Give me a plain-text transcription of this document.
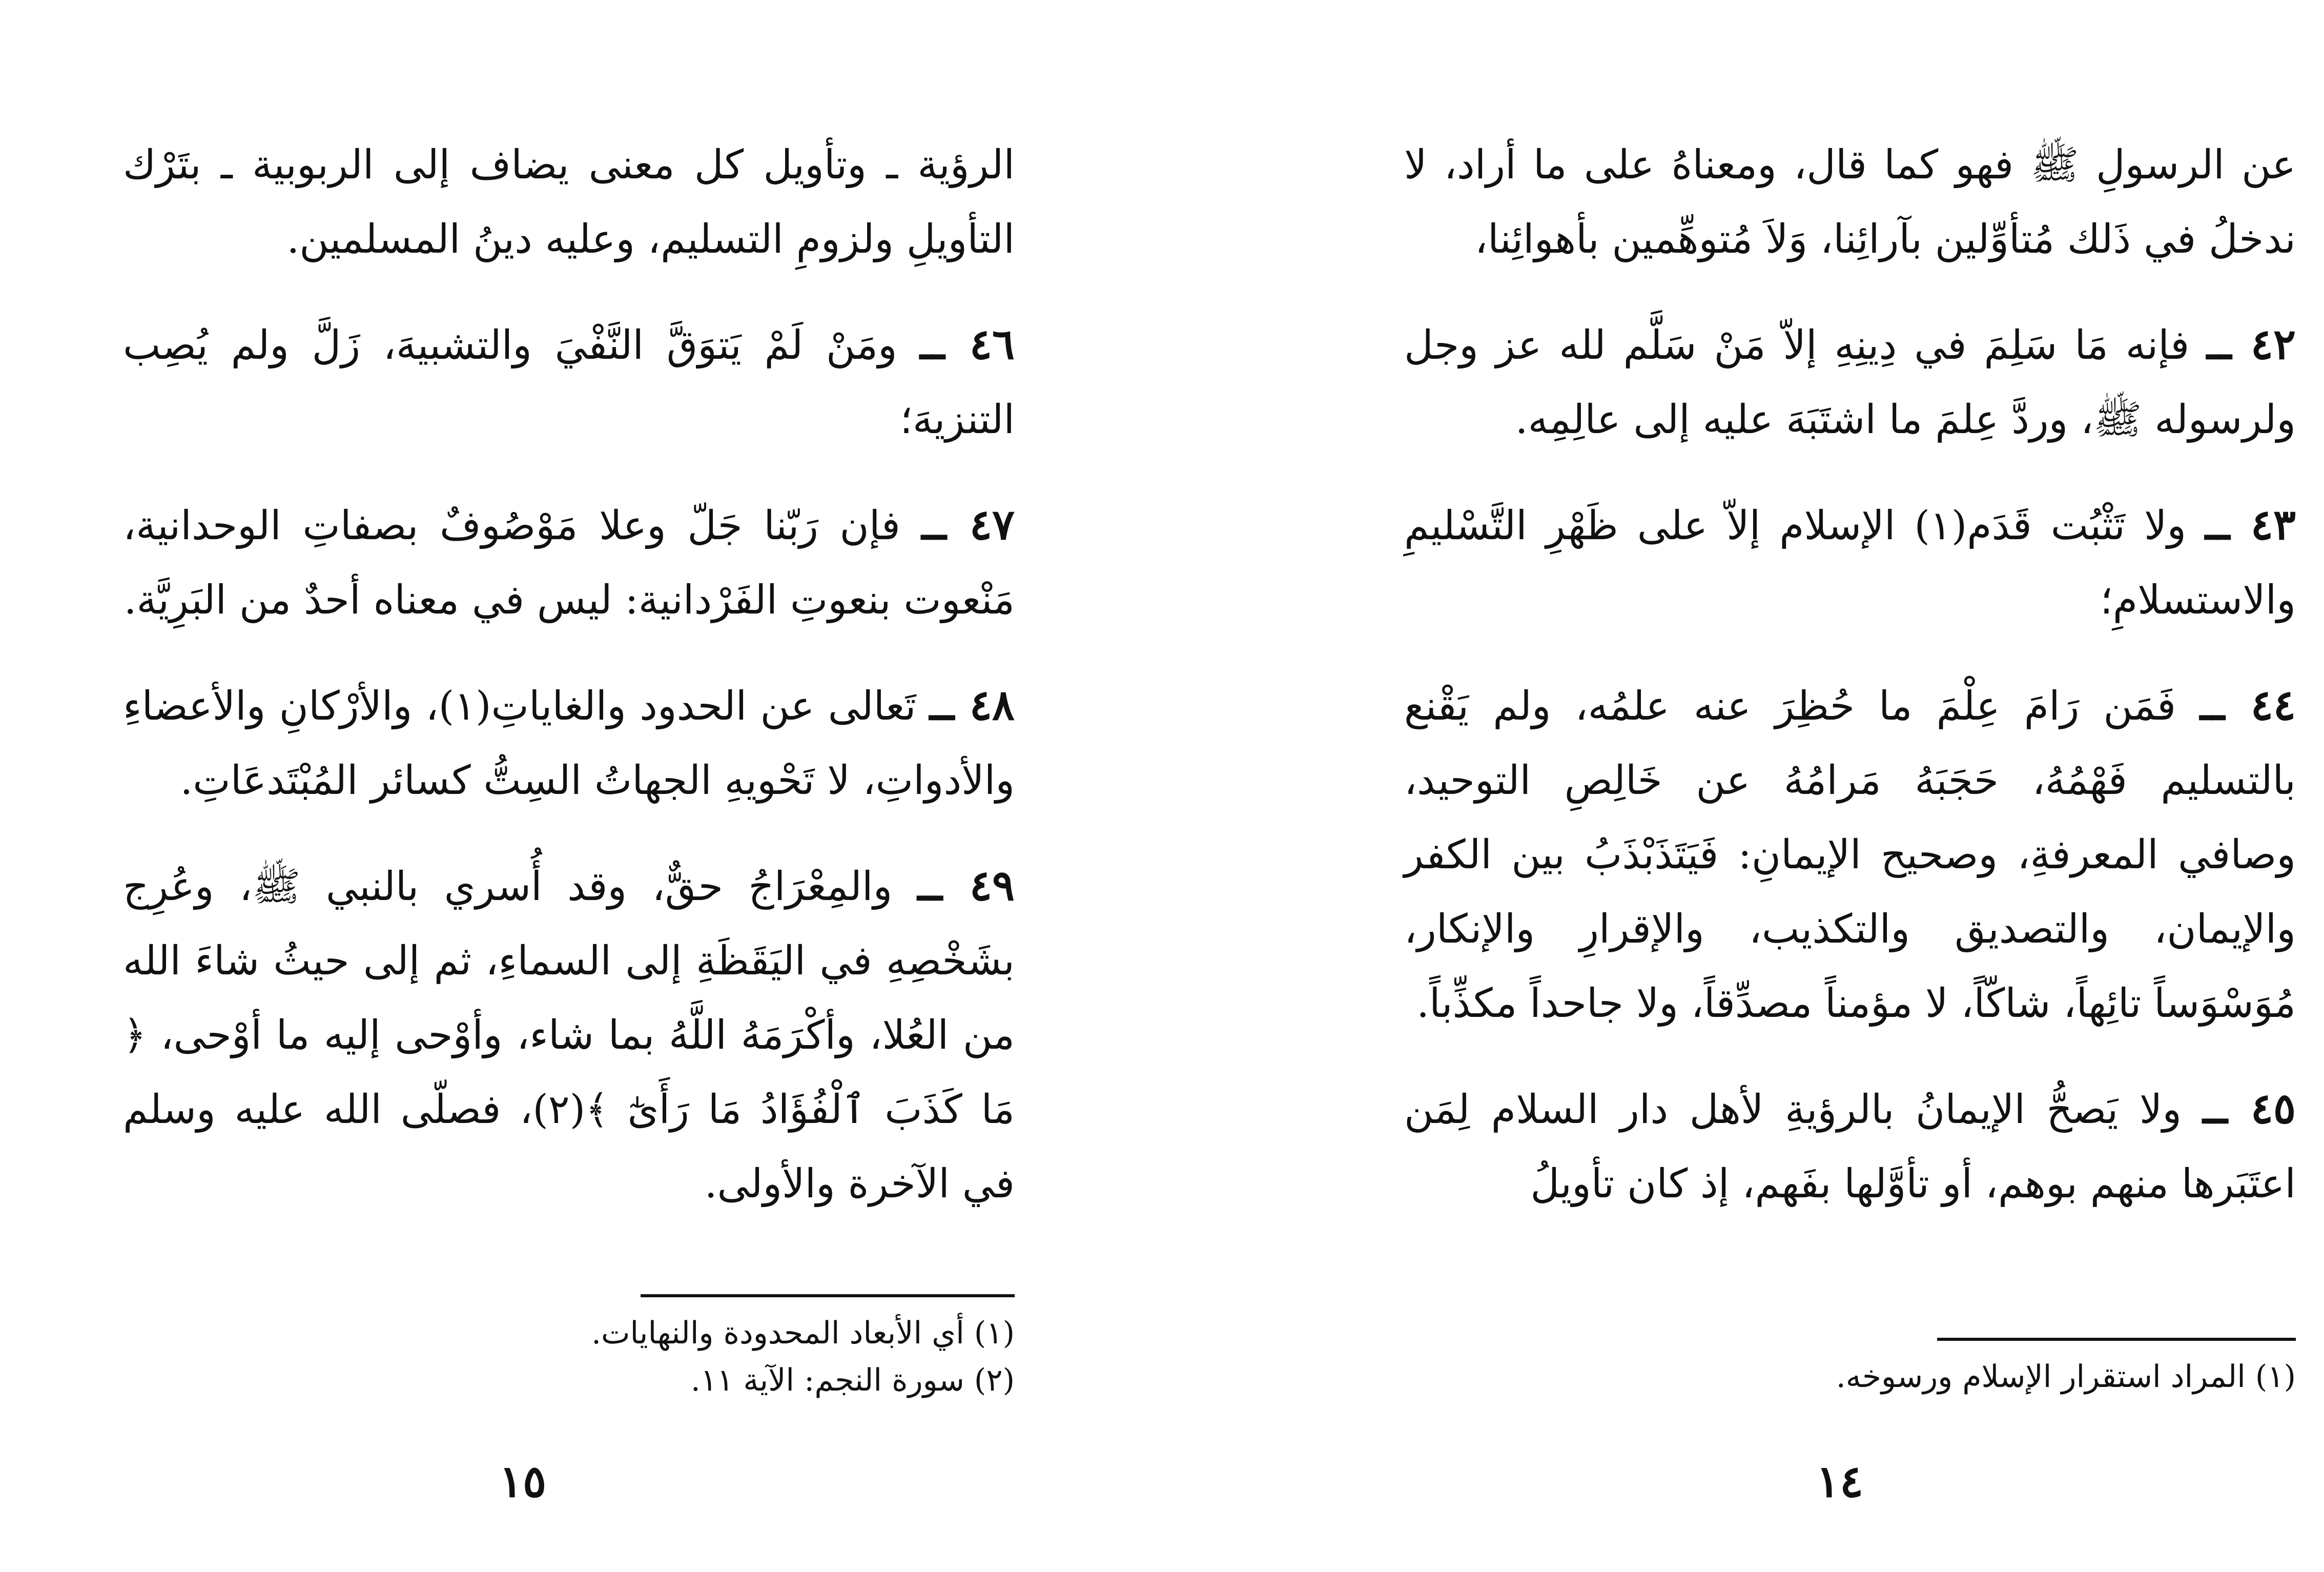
الرؤية ـ وتأويل كل معنى يضاف إلى الربوبية ـ بتَرْك التأويلِ ولزومِ التسليم، وعليه دينُ المسلمين.

٤٦ ــ ومَنْ لَمْ يَتوَقَّ النَّفْيَ والتشبيهَ، زَلَّ ولم يُصِب التنزيهَ؛

٤٧ ــ فإن رَبّنا جَلّ وعلا مَوْصُوفٌ بصفاتِ الوحدانية، مَنْعوت بنعوتِ الفَرْدانية: ليس في معناه أحدٌ من البَرِيَّة.

٤٨ ــ تَعالى عن الحدود والغاياتِ(١)، والأرْكانِ والأعضاءِ والأدواتِ، لا تَحْويهِ الجهاتُ السِتُّ كسائر المُبْتَدعَاتِ.

٤٩ ــ والمِعْرَاجُ حقٌّ، وقد أُسري بالنبي ﷺ، وعُرِج بشَخْصِهِ في اليَقَظَةِ إلى السماءِ، ثم إلى حيثُ شاءَ الله من العُلا، وأكْرَمَهُ اللَّهُ بما شاء، وأوْحى إليه ما أوْحى، ﴿ مَا كَذَبَ ٱلْفُؤَادُ مَا رَأَىٰٓ ﴾(٢)، فصلّى الله عليه وسلم في الآخرة والأولى.

(١) أي الأبعاد المحدودة والنهايات.
(٢) سورة النجم: الآية ١١.
١٥

عن الرسولِ ﷺ فهو كما قال، ومعناهُ على ما أراد، لا ندخلُ في ذَلك مُتأوِّلين بآرائِنا، وَلاَ مُتوهِّمين بأهوائِنا،

٤٢ ــ فإنه مَا سَلِمَ في دِينِهِ إلاّ مَنْ سَلَّم لله عز وجل ولرسوله ﷺ، وردَّ عِلمَ ما اشتَبَهَ عليه إلى عالِمِه.

٤٣ ــ ولا تَثْبُت قَدَم(١) الإسلام إلاّ على ظَهْرِ التَّسْليمِ والاستسلامِ؛

٤٤ ــ فَمَن رَامَ عِلْمَ ما حُظِرَ عنه علمُه، ولم يَقْنع بالتسليم فَهْمُهُ، حَجَبَهُ مَرامُهُ عن خَالِصِ التوحيد، وصافي المعرفةِ، وصحيح الإيمانِ: فَيَتَذَبْذَبُ بين الكفر والإيمان، والتصديق والتكذيب، والإقرارِ والإنكار، مُوَسْوَساً تائِهاً، شاكّاً، لا مؤمناً مصدِّقاً، ولا جاحداً مكذِّباً.

٤٥ ــ ولا يَصحُّ الإيمانُ بالرؤيةِ لأهل دار السلام لِمَن اعتَبَرها منهم بوهم، أو تأوَّلها بفَهم، إذ كان تأويلُ

(١) المراد استقرار الإسلام ورسوخه.
١٤
